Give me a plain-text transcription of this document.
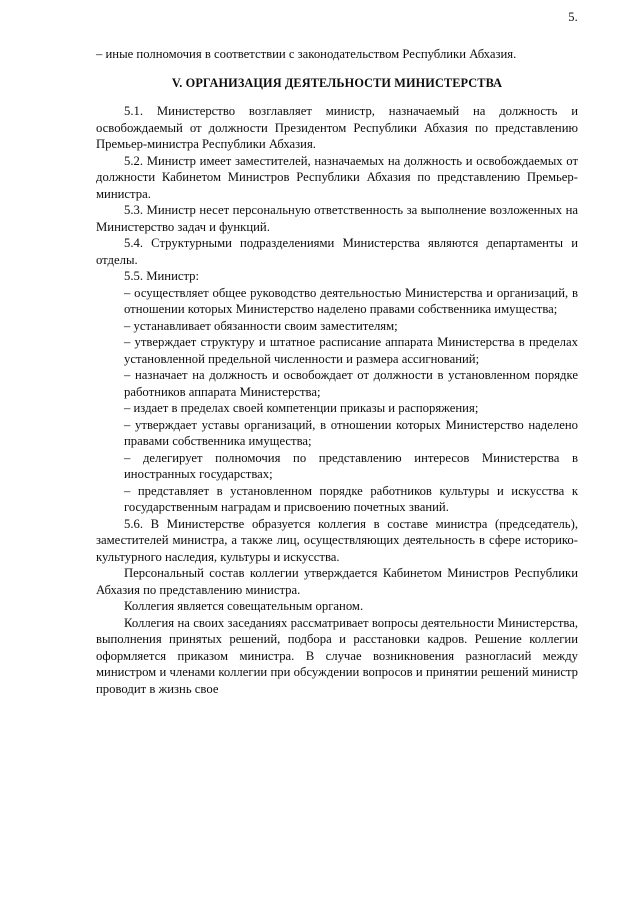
5.

– иные полномочия в соответствии с законодательством Республики Абхазия.

V. ОРГАНИЗАЦИЯ ДЕЯТЕЛЬНОСТИ МИНИСТЕРСТВА

5.1. Министерство возглавляет министр, назначаемый на должность и освобождаемый от должности Президентом Республики Абхазия по представлению Премьер-министра Республики Абхазия.

5.2. Министр имеет заместителей, назначаемых на должность и освобождаемых от должности Кабинетом Министров Республики Абхазия по представлению Премьер-министра.

5.3. Министр несет персональную ответственность за выполнение возложенных на Министерство задач и функций.

5.4. Структурными подразделениями Министерства являются департаменты и отделы.

5.5. Министр:

– осуществляет общее руководство деятельностью Министерства и организаций, в отношении которых Министерство наделено правами собственника имущества;

– устанавливает обязанности своим заместителям;

– утверждает структуру и штатное расписание аппарата Министерства в пределах установленной предельной численности и размера ассигнований;

– назначает на должность и освобождает от должности в установленном порядке работников аппарата Министерства;

– издает в пределах своей компетенции приказы и распоряжения;

– утверждает уставы организаций, в отношении которых Министерство наделено правами собственника имущества;

– делегирует полномочия по представлению интересов Министерства в иностранных государствах;

– представляет в установленном порядке работников культуры и искусства к государственным наградам и присвоению почетных званий.

5.6. В Министерстве образуется коллегия в составе министра (председатель), заместителей министра, а также лиц, осуществляющих деятельность в сфере историко-культурного наследия, культуры и искусства.

Персональный состав коллегии утверждается Кабинетом Министров Республики Абхазия по представлению министра.

Коллегия является совещательным органом.

Коллегия на своих заседаниях рассматривает вопросы деятельности Министерства, выполнения принятых решений, подбора и расстановки кадров. Решение коллегии оформляется приказом министра. В случае возникновения разногласий между министром и членами коллегии при обсуждении вопросов и принятии решений министр проводит в жизнь свое
